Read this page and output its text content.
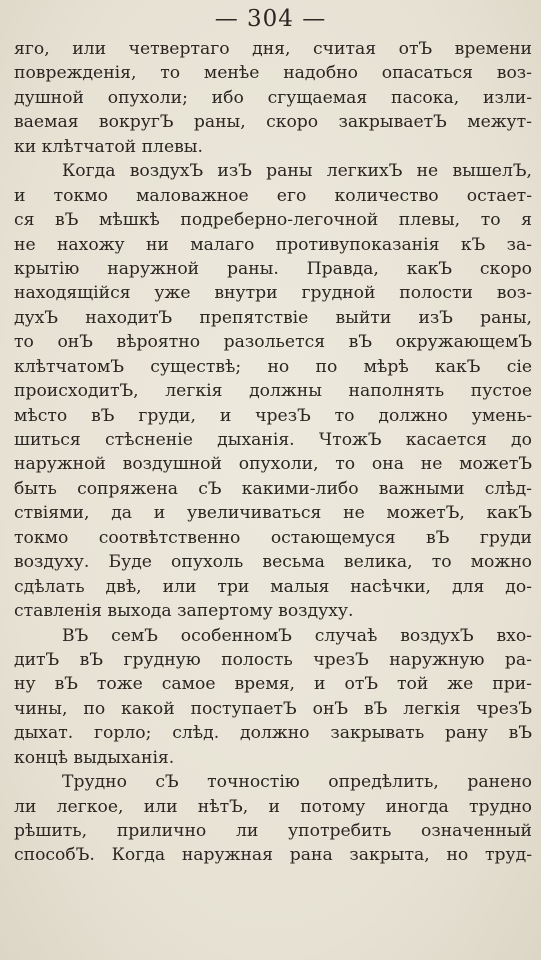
— 304 —
яго, или четвертаго дня, считая отЪ времени
поврежденія, то менѣе надобно опасаться воз-
душной опухоли; ибо сгущаемая пасока, изли-
ваемая вокругЪ раны, скоро закрываетЪ межут-
ки клѣтчатой плевы.
Когда воздухЪ изЪ раны легкихЪ не вышелЪ,
и токмо маловажное его количество остает-
ся вЪ мѣшкѣ подреберно-легочной плевы, то я
не нахожу ни малаго противупоказанія кЪ за-
крытію наружной раны. Правда, какЪ скоро
находящійся уже внутри грудной полости воз-
духЪ находитЪ препятствіе выйти изЪ раны,
то онЪ вѣроятно разольется вЪ окружающемЪ
клѣтчатомЪ существѣ; но по мѣрѣ какЪ сіе
происходитЪ, легкія должны наполнять пустое
мѣсто вЪ груди, и чрезЪ то должно умень-
шиться стѣсненіе дыханія. ЧтожЪ касается до
наружной воздушной опухоли, то она не можетЪ
быть сопряжена сЪ какими-либо важными слѣд-
ствіями, да и увеличиваться не можетЪ, какЪ
токмо соотвѣтственно остающемуся вЪ груди
воздуху. Буде опухоль весьма велика, то можно
сдѣлать двѣ, или три малыя насѣчки, для до-
ставленія выхода запертому воздуху.
ВЪ семЪ особенномЪ случаѣ воздухЪ вхо-
дитЪ вЪ грудную полость чрезЪ наружную ра-
ну вЪ тоже самое время, и отЪ той же при-
чины, по какой поступаетЪ онЪ вЪ легкія чрезЪ
дыхат. горло; слѣд. должно закрывать рану вЪ
концѣ выдыханія.
Трудно сЪ точностію опредѣлить, ранено
ли легкое, или нѣтЪ, и потому иногда трудно
рѣшить, прилично ли употребить означенный
способЪ. Когда наружная рана закрыта, но труд-
